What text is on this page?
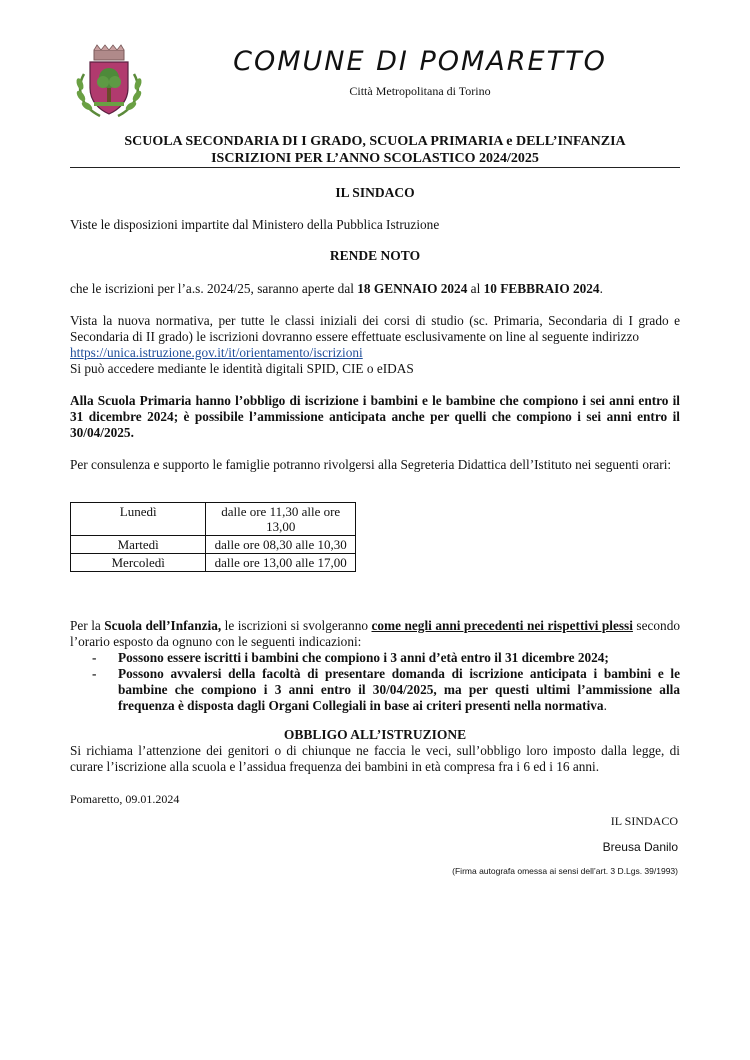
COMUNE DI POMARETTO
Città Metropolitana di Torino
SCUOLA SECONDARIA DI I GRADO, SCUOLA PRIMARIA e DELL’INFANZIA
ISCRIZIONI PER L’ANNO SCOLASTICO 2024/2025
IL SINDACO
Viste le disposizioni impartite dal Ministero della Pubblica Istruzione
RENDE NOTO
che le iscrizioni per l’a.s. 2024/25, saranno aperte dal 18 GENNAIO 2024 al 10 FEBBRAIO 2024.
Vista la nuova normativa, per tutte le classi iniziali dei corsi di studio (sc. Primaria, Secondaria di I grado e Secondaria di II grado) le iscrizioni dovranno essere effettuate esclusivamente on line al seguente indirizzo
https://unica.istruzione.gov.it/it/orientamento/iscrizioni
Si può accedere mediante le identità digitali SPID, CIE o eIDAS
Alla Scuola Primaria hanno l’obbligo di iscrizione i bambini e le bambine che compiono i sei anni entro il 31 dicembre 2024; è possibile l’ammissione anticipata anche per quelli che compiono i sei anni entro il 30/04/2025.
Per consulenza e supporto le famiglie potranno rivolgersi alla Segreteria Didattica dell’Istituto nei seguenti orari:
Lunedì	dalle ore 11,30 alle ore 13,00
Martedì	dalle ore 08,30 alle 10,30
Mercoledì	dalle ore 13,00 alle 17,00
Per la Scuola dell’Infanzia, le iscrizioni si svolgeranno come negli anni precedenti nei rispettivi plessi secondo l’orario esposto da ognuno con le seguenti indicazioni:
-	Possono essere iscritti i bambini che compiono i 3 anni d’età entro il 31 dicembre 2024;
-	Possono avvalersi della facoltà di presentare domanda di iscrizione anticipata i bambini e le bambine che compiono i 3 anni entro il 30/04/2025, ma per questi ultimi l’ammissione alla frequenza è disposta dagli Organi Collegiali in base ai criteri presenti nella normativa.
OBBLIGO ALL’ISTRUZIONE
Si richiama l’attenzione dei genitori o di chiunque ne faccia le veci, sull’obbligo loro imposto dalla legge, di curare l’iscrizione alla scuola e l’assidua frequenza dei bambini in età compresa fra i 6 ed i 16 anni.
Pomaretto, 09.01.2024
IL SINDACO
Breusa Danilo
(Firma autografa omessa ai sensi dell’art. 3 D.Lgs. 39/1993)
